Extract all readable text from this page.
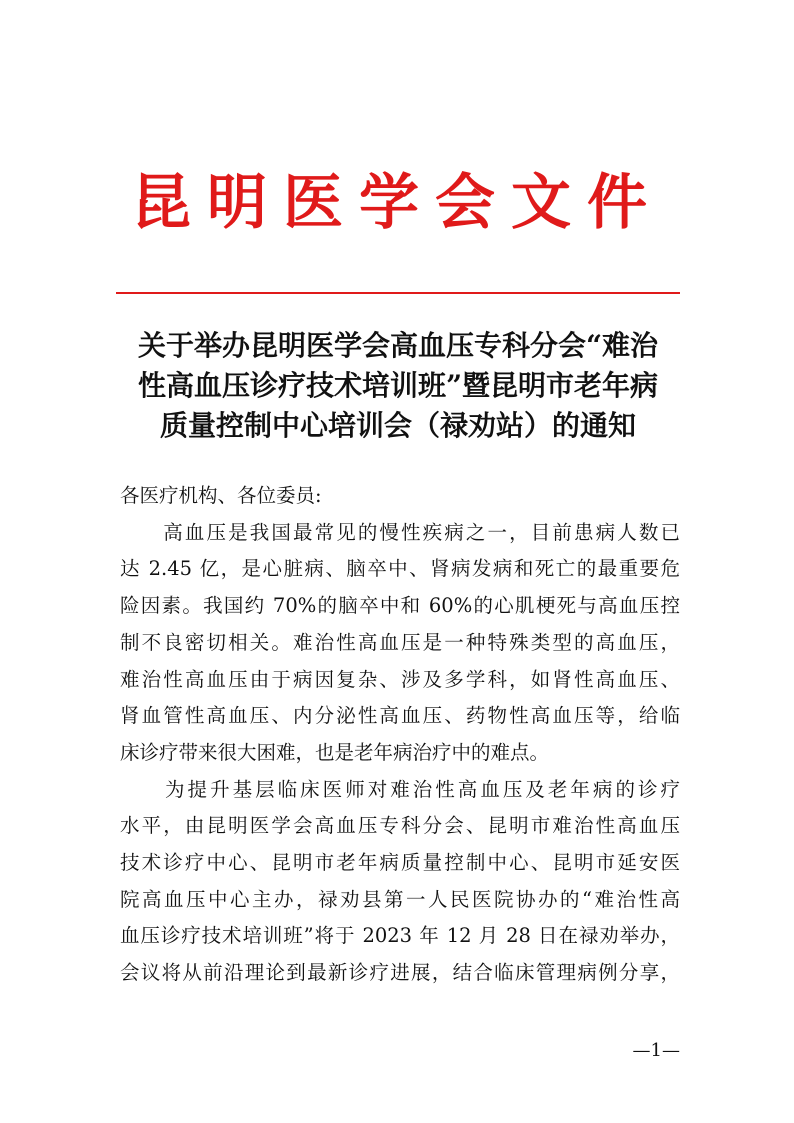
昆明医学会文件
关于举办昆明医学会高血压专科分会“难治
性高血压诊疗技术培训班”暨昆明市老年病
质量控制中心培训会（禄劝站）的通知
各医疗机构、各位委员:
　　高血压是我国最常见的慢性疾病之一，目前患病人数已
达 2.45 亿，是心脏病、脑卒中、肾病发病和死亡的最重要危
险因素。我国约 70%的脑卒中和 60%的心肌梗死与高血压控
制不良密切相关。难治性高血压是一种特殊类型的高血压，
难治性高血压由于病因复杂、涉及多学科，如肾性高血压、
肾血管性高血压、内分泌性高血压、药物性高血压等，给临
床诊疗带来很大困难，也是老年病治疗中的难点。
　　为提升基层临床医师对难治性高血压及老年病的诊疗
水平，由昆明医学会高血压专科分会、昆明市难治性高血压
技术诊疗中心、昆明市老年病质量控制中心、昆明市延安医
院高血压中心主办，禄劝县第一人民医院协办的“难治性高
血压诊疗技术培训班”将于 2023 年 12 月 28 日在禄劝举办，
会议将从前沿理论到最新诊疗进展，结合临床管理病例分享，
—1—
